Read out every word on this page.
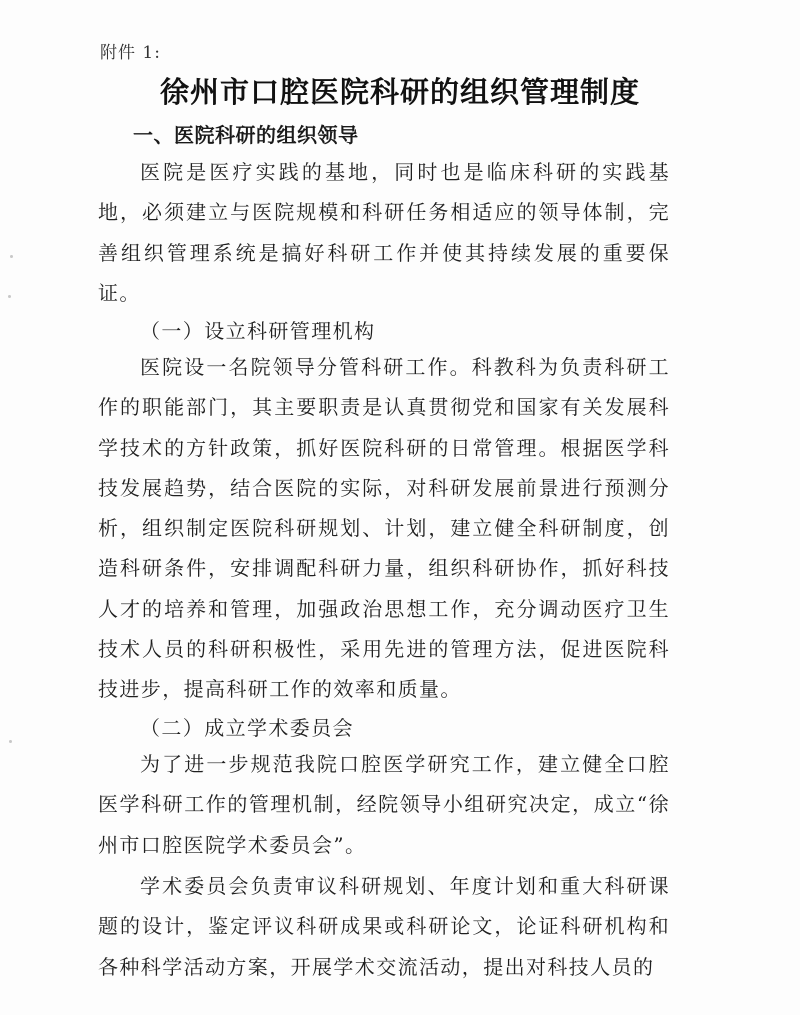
附件 1:
徐州市口腔医院科研的组织管理制度
一、医院科研的组织领导

医院是医疗实践的基地，同时也是临床科研的实践基地，必须建立与医院规模和科研任务相适应的领导体制，完善组织管理系统是搞好科研工作并使其持续发展的重要保证。

（一）设立科研管理机构

医院设一名院领导分管科研工作。科教科为负责科研工作的职能部门，其主要职责是认真贯彻党和国家有关发展科学技术的方针政策，抓好医院科研的日常管理。根据医学科技发展趋势，结合医院的实际，对科研发展前景进行预测分析，组织制定医院科研规划、计划，建立健全科研制度，创造科研条件，安排调配科研力量，组织科研协作，抓好科技人才的培养和管理，加强政治思想工作，充分调动医疗卫生技术人员的科研积极性，采用先进的管理方法，促进医院科技进步，提高科研工作的效率和质量。

（二）成立学术委员会

为了进一步规范我院口腔医学研究工作，建立健全口腔医学科研工作的管理机制，经院领导小组研究决定，成立“徐州市口腔医院学术委员会”。

学术委员会负责审议科研规划、年度计划和重大科研课题的设计，鉴定评议科研成果或科研论文，论证科研机构和各种科学活动方案，开展学术交流活动，提出对科技人员的
